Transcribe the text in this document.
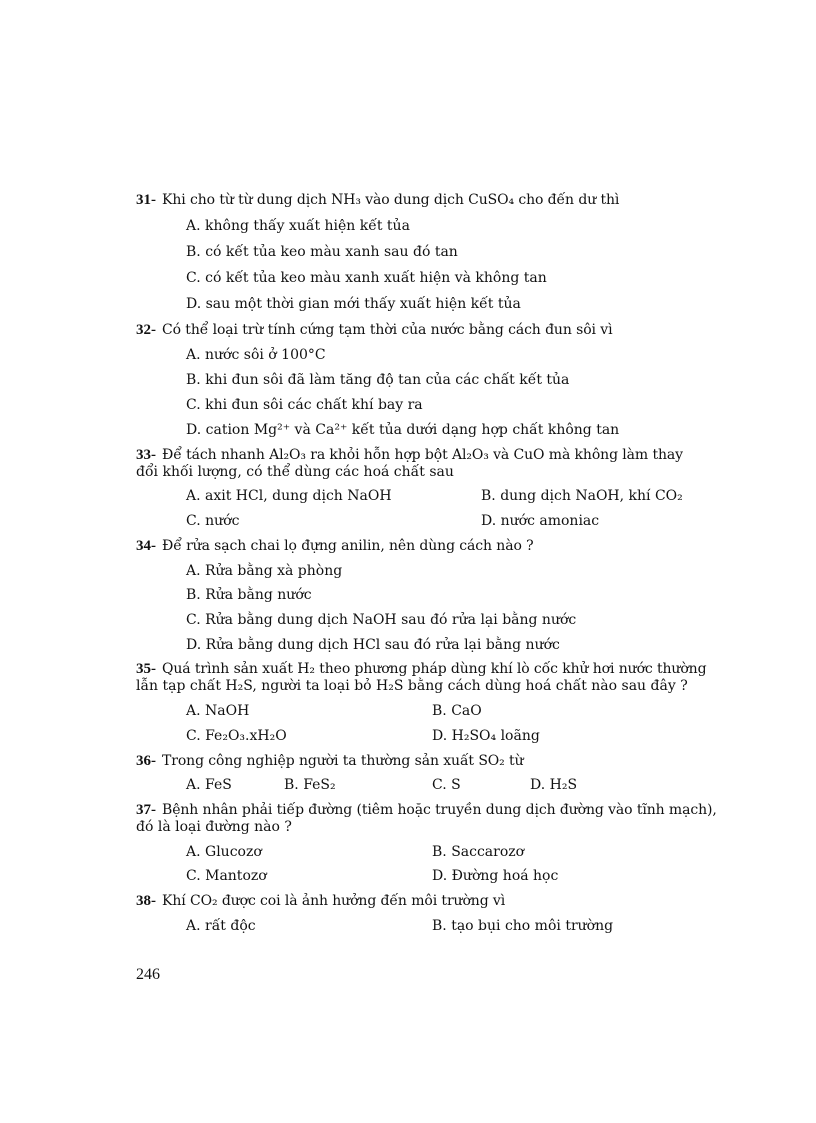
31- Khi cho từ từ dung dịch NH₃ vào dung dịch CuSO₄ cho đến dư thì
A. không thấy xuất hiện kết tủa
B. có kết tủa keo màu xanh sau đó tan
C. có kết tủa keo màu xanh xuất hiện và không tan
D. sau một thời gian mới thấy xuất hiện kết tủa
32- Có thể loại trừ tính cứng tạm thời của nước bằng cách đun sôi vì
A. nước sôi ở 100°C
B. khi đun sôi đã làm tăng độ tan của các chất kết tủa
C. khi đun sôi các chất khí bay ra
D. cation Mg²⁺ và Ca²⁺ kết tủa dưới dạng hợp chất không tan
33- Để tách nhanh Al₂O₃ ra khỏi hỗn hợp bột Al₂O₃ và CuO mà không làm thay
đổi khối lượng, có thể dùng các hoá chất sau
A. axit HCl, dung dịch NaOH	B. dung dịch NaOH, khí CO₂
C. nước	D. nước amoniac
34- Để rửa sạch chai lọ đựng anilin, nên dùng cách nào ?
A. Rửa bằng xà phòng
B. Rửa bằng nước
C. Rửa bằng dung dịch NaOH sau đó rửa lại bằng nước
D. Rửa bằng dung dịch HCl sau đó rửa lại bằng nước
35- Quá trình sản xuất H₂ theo phương pháp dùng khí lò cốc khử hơi nước thường
lẫn tạp chất H₂S, người ta loại bỏ H₂S bằng cách dùng hoá chất nào sau đây ?
A. NaOH	B. CaO
C. Fe₂O₃.xH₂O	D. H₂SO₄ loãng
36- Trong công nghiệp người ta thường sản xuất SO₂ từ
A. FeS	B. FeS₂	C. S	D. H₂S
37- Bệnh nhân phải tiếp đường (tiêm hoặc truyền dung dịch đường vào tĩnh mạch),
đó là loại đường nào ?
A. Glucozơ	B. Saccarozơ
C. Mantozơ	D. Đường hoá học
38- Khí CO₂ được coi là ảnh hưởng đến môi trường vì
A. rất độc	B. tạo bụi cho môi trường
246
